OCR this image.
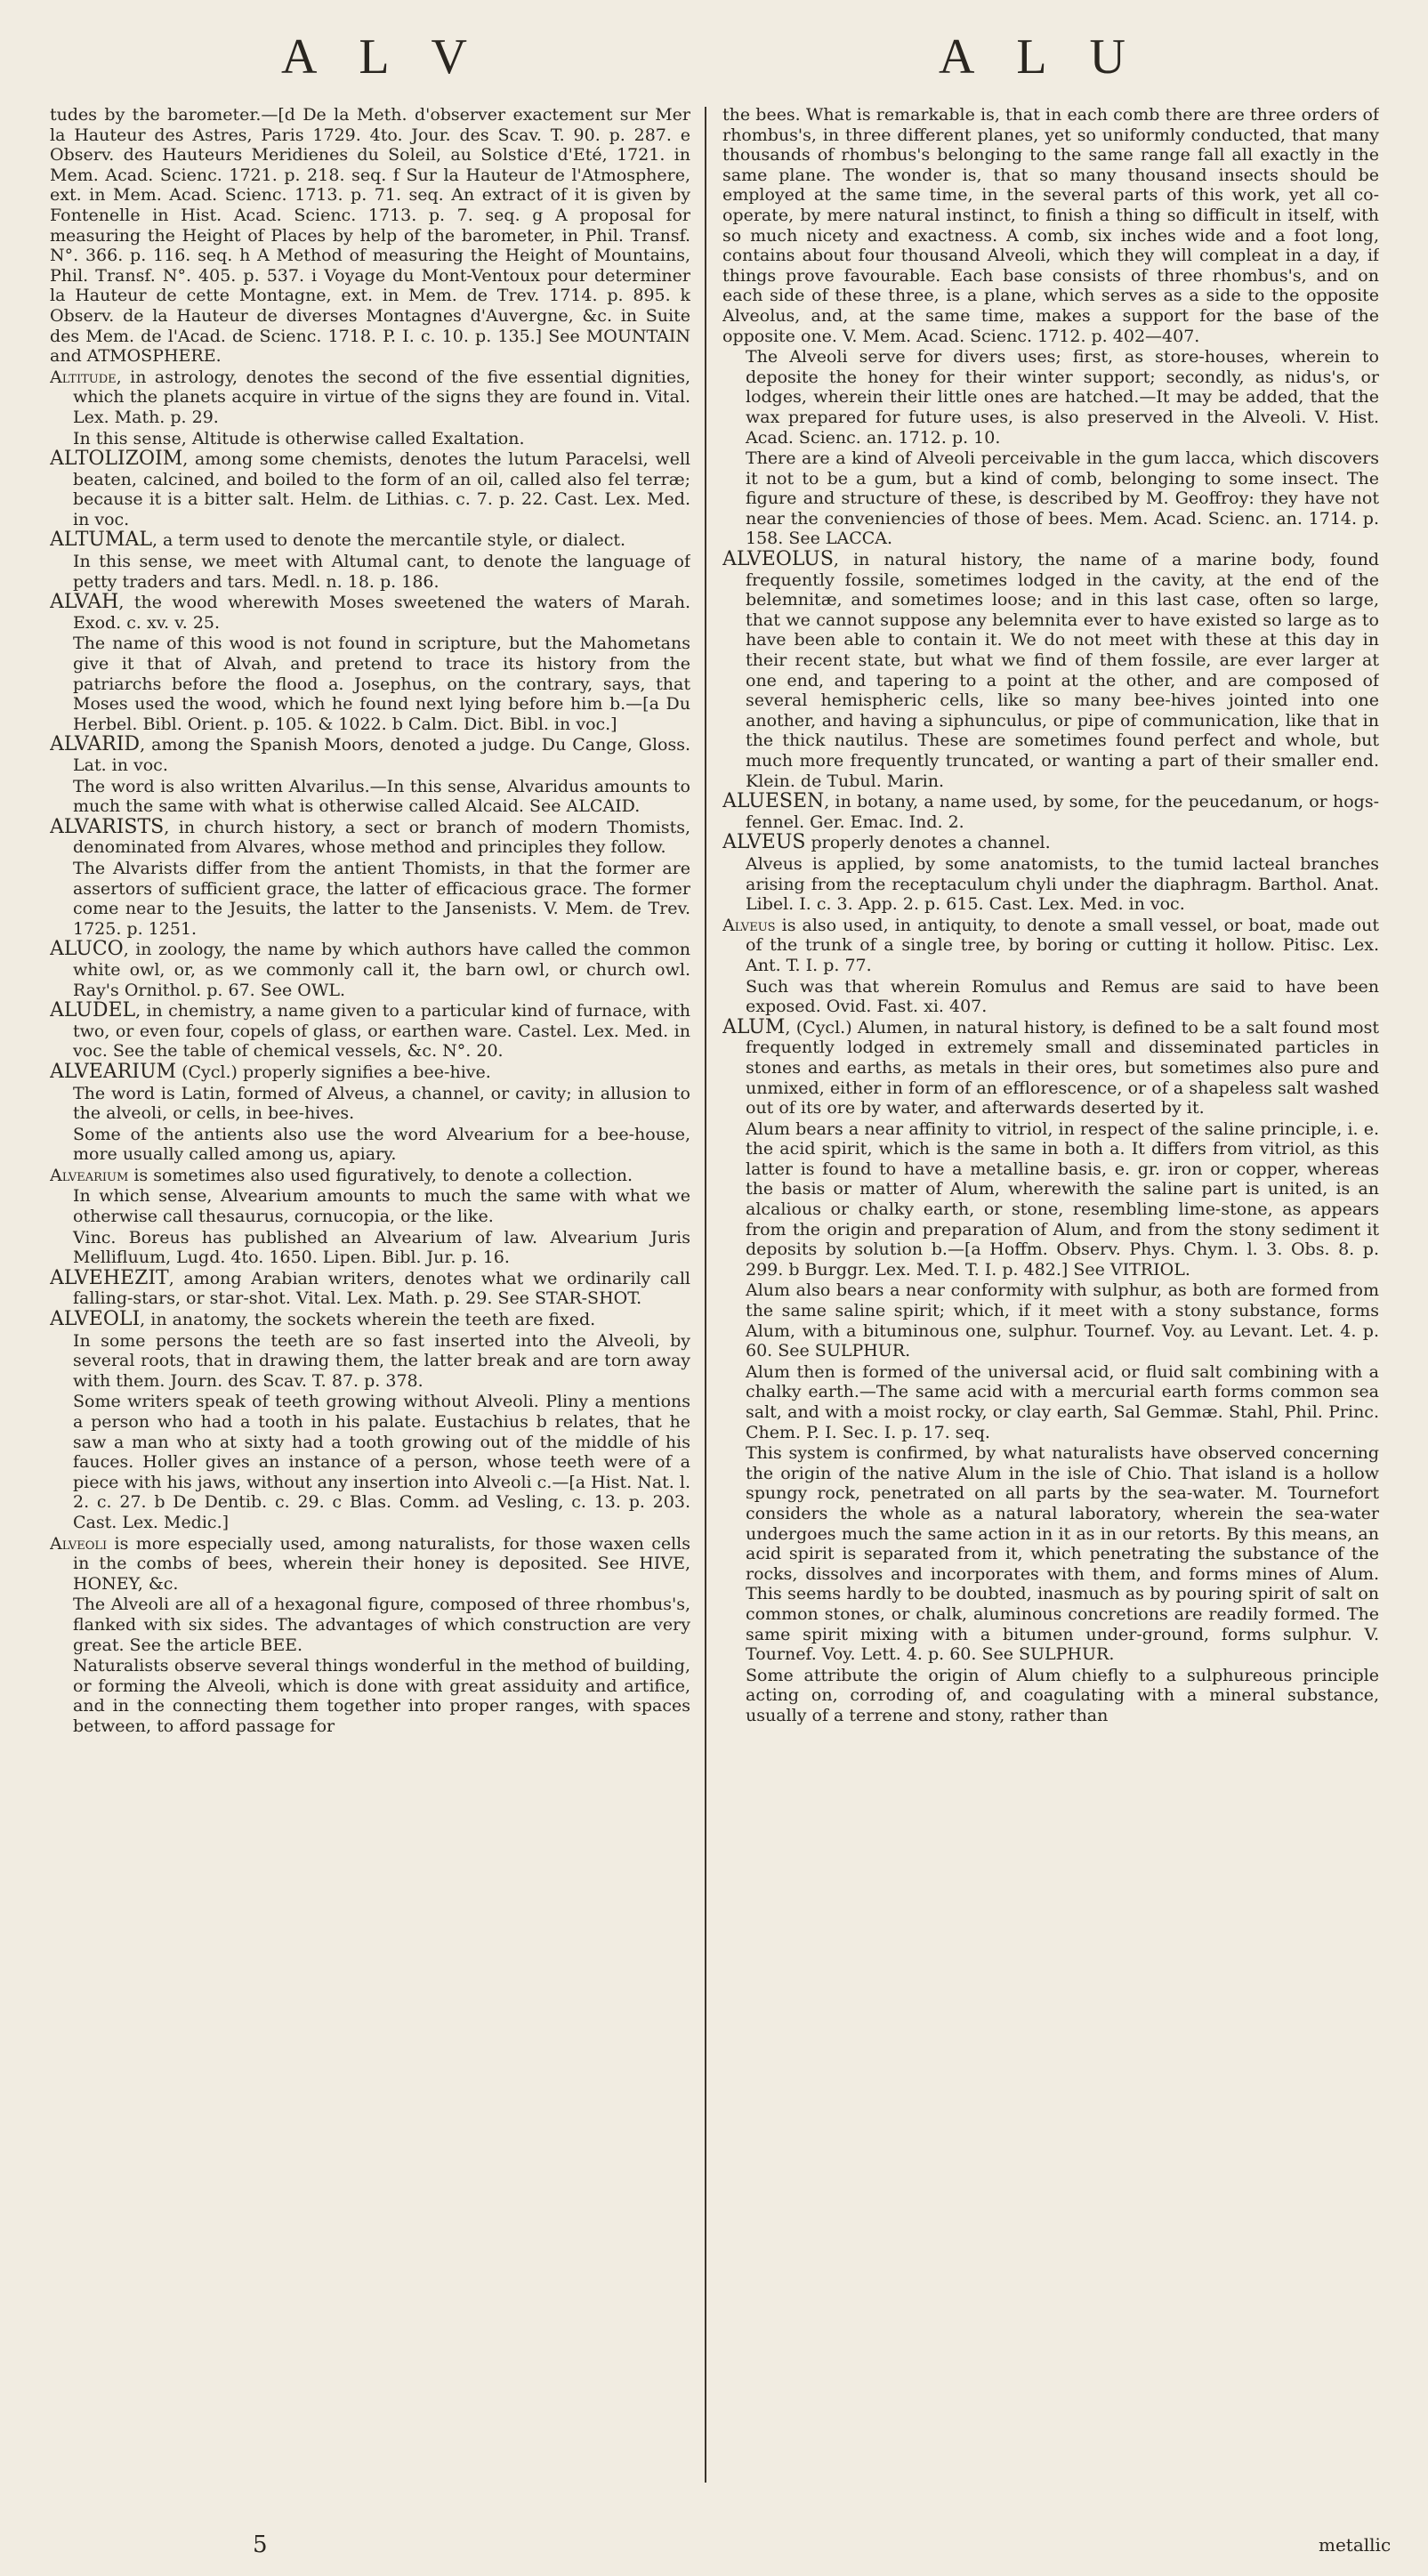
A L V	A L U

tudes by the barometer.—[d De la Meth. d'observer exactement sur Mer la Hauteur des Astres, Paris 1729. 4to. Jour. des Scav. T. 90. p. 287. e Observ. des Hauteurs Meridienes du Soleil, au Solstice d'Eté, 1721. in Mem. Acad. Scienc. 1721. p. 218. seq. f Sur la Hauteur de l'Atmosphere, ext. in Mem. Acad. Scienc. 1713. p. 71. seq. An extract of it is given by Fontenelle in Hist. Acad. Scienc. 1713. p. 7. seq. g A proposal for measuring the Height of Places by help of the barometer, in Phil. Transf. N°. 366. p. 116. seq. h A Method of measuring the Height of Mountains, Phil. Transf. N°. 405. p. 537. i Voyage du Mont-Ventoux pour determiner la Hauteur de cette Montagne, ext. in Mem. de Trev. 1714. p. 895. k Observ. de la Hauteur de diverses Montagnes d'Auvergne, &c. in Suite des Mem. de l'Acad. de Scienc. 1718. P. I. c. 10. p. 135.] See MOUNTAIN and ATMOSPHERE.

Altitude, in astrology, denotes the second of the five essential dignities, which the planets acquire in virtue of the signs they are found in. Vital. Lex. Math. p. 29.

In this sense, Altitude is otherwise called Exaltation.

ALTOLIZOIM, among some chemists, denotes the lutum Paracelsi, well beaten, calcined, and boiled to the form of an oil, called also fel terræ; because it is a bitter salt. Helm. de Lithias. c. 7. p. 22. Cast. Lex. Med. in voc.

ALTUMAL, a term used to denote the mercantile style, or dialect.

In this sense, we meet with Altumal cant, to denote the language of petty traders and tars. Medl. n. 18. p. 186.

ALVAH, the wood wherewith Moses sweetened the waters of Marah. Exod. c. xv. v. 25.

The name of this wood is not found in scripture, but the Mahometans give it that of Alvah, and pretend to trace its history from the patriarchs before the flood a. Josephus, on the contrary, says, that Moses used the wood, which he found next lying before him b.—[a Du Herbel. Bibl. Orient. p. 105. & 1022. b Calm. Dict. Bibl. in voc.]

ALVARID, among the Spanish Moors, denoted a judge. Du Cange, Gloss. Lat. in voc.

The word is also written Alvarilus.—In this sense, Alvaridus amounts to much the same with what is otherwise called Alcaid. See ALCAID.

ALVARISTS, in church history, a sect or branch of modern Thomists, denominated from Alvares, whose method and principles they follow.

The Alvarists differ from the antient Thomists, in that the former are assertors of sufficient grace, the latter of efficacious grace. The former come near to the Jesuits, the latter to the Jansenists. V. Mem. de Trev. 1725. p. 1251.

ALUCO, in zoology, the name by which authors have called the common white owl, or, as we commonly call it, the barn owl, or church owl. Ray's Ornithol. p. 67. See OWL.

ALUDEL, in chemistry, a name given to a particular kind of furnace, with two, or even four, copels of glass, or earthen ware. Castel. Lex. Med. in voc. See the table of chemical vessels, &c. N°. 20.

ALVEARIUM (Cycl.) properly signifies a bee-hive.

The word is Latin, formed of Alveus, a channel, or cavity; in allusion to the alveoli, or cells, in bee-hives.

Some of the antients also use the word Alvearium for a bee-house, more usually called among us, apiary.

Alvearium is sometimes also used figuratively, to denote a collection.

In which sense, Alvearium amounts to much the same with what we otherwise call thesaurus, cornucopia, or the like.

Vinc. Boreus has published an Alvearium of law. Alvearium Juris Mellifluum, Lugd. 4to. 1650. Lipen. Bibl. Jur. p. 16.

ALVEHEZIT, among Arabian writers, denotes what we ordinarily call falling-stars, or star-shot. Vital. Lex. Math. p. 29. See STAR-SHOT.

ALVEOLI, in anatomy, the sockets wherein the teeth are fixed.

In some persons the teeth are so fast inserted into the Alveoli, by several roots, that in drawing them, the latter break and are torn away with them. Journ. des Scav. T. 87. p. 378.

Some writers speak of teeth growing without Alveoli. Pliny a mentions a person who had a tooth in his palate. Eustachius b relates, that he saw a man who at sixty had a tooth growing out of the middle of his fauces. Holler gives an instance of a person, whose teeth were of a piece with his jaws, without any insertion into Alveoli c.—[a Hist. Nat. l. 2. c. 27. b De Dentib. c. 29. c Blas. Comm. ad Vesling, c. 13. p. 203. Cast. Lex. Medic.]

Alveoli is more especially used, among naturalists, for those waxen cells in the combs of bees, wherein their honey is deposited. See HIVE, HONEY, &c.

The Alveoli are all of a hexagonal figure, composed of three rhombus's, flanked with six sides. The advantages of which construction are very great. See the article BEE.

Naturalists observe several things wonderful in the method of building, or forming the Alveoli, which is done with great assiduity and artifice, and in the connecting them together into proper ranges, with spaces between, to afford passage for

the bees. What is remarkable is, that in each comb there are three orders of rhombus's, in three different planes, yet so uniformly conducted, that many thousands of rhombus's belonging to the same range fall all exactly in the same plane. The wonder is, that so many thousand insects should be employed at the same time, in the several parts of this work, yet all co-operate, by mere natural instinct, to finish a thing so difficult in itself, with so much nicety and exactness. A comb, six inches wide and a foot long, contains about four thousand Alveoli, which they will compleat in a day, if things prove favourable. Each base consists of three rhombus's, and on each side of these three, is a plane, which serves as a side to the opposite Alveolus, and, at the same time, makes a support for the base of the opposite one. V. Mem. Acad. Scienc. 1712. p. 402—407.

The Alveoli serve for divers uses; first, as store-houses, wherein to deposite the honey for their winter support; secondly, as nidus's, or lodges, wherein their little ones are hatched.—It may be added, that the wax prepared for future uses, is also preserved in the Alveoli. V. Hist. Acad. Scienc. an. 1712. p. 10.

There are a kind of Alveoli perceivable in the gum lacca, which discovers it not to be a gum, but a kind of comb, belonging to some insect. The figure and structure of these, is described by M. Geoffroy: they have not near the conveniencies of those of bees. Mem. Acad. Scienc. an. 1714. p. 158. See LACCA.

ALVEOLUS, in natural history, the name of a marine body, found frequently fossile, sometimes lodged in the cavity, at the end of the belemnitæ, and sometimes loose; and in this last case, often so large, that we cannot suppose any belemnita ever to have existed so large as to have been able to contain it. We do not meet with these at this day in their recent state, but what we find of them fossile, are ever larger at one end, and tapering to a point at the other, and are composed of several hemispheric cells, like so many bee-hives jointed into one another, and having a siphunculus, or pipe of communication, like that in the thick nautilus. These are sometimes found perfect and whole, but much more frequently truncated, or wanting a part of their smaller end. Klein. de Tubul. Marin.

ALUESEN, in botany, a name used, by some, for the peucedanum, or hogs-fennel. Ger. Emac. Ind. 2.

ALVEUS properly denotes a channel.

Alveus is applied, by some anatomists, to the tumid lacteal branches arising from the receptaculum chyli under the diaphragm. Barthol. Anat. Libel. I. c. 3. App. 2. p. 615. Cast. Lex. Med. in voc.

Alveus is also used, in antiquity, to denote a small vessel, or boat, made out of the trunk of a single tree, by boring or cutting it hollow. Pitisc. Lex. Ant. T. I. p. 77.

Such was that wherein Romulus and Remus are said to have been exposed. Ovid. Fast. xi. 407.

ALUM, (Cycl.) Alumen, in natural history, is defined to be a salt found most frequently lodged in extremely small and disseminated particles in stones and earths, as metals in their ores, but sometimes also pure and unmixed, either in form of an efflorescence, or of a shapeless salt washed out of its ore by water, and afterwards deserted by it.

Alum bears a near affinity to vitriol, in respect of the saline principle, i. e. the acid spirit, which is the same in both a. It differs from vitriol, as this latter is found to have a metalline basis, e. gr. iron or copper, whereas the basis or matter of Alum, wherewith the saline part is united, is an alcalious or chalky earth, or stone, resembling lime-stone, as appears from the origin and preparation of Alum, and from the stony sediment it deposits by solution b.—[a Hoffm. Observ. Phys. Chym. l. 3. Obs. 8. p. 299. b Burggr. Lex. Med. T. I. p. 482.] See VITRIOL.

Alum also bears a near conformity with sulphur, as both are formed from the same saline spirit; which, if it meet with a stony substance, forms Alum, with a bituminous one, sulphur. Tournef. Voy. au Levant. Let. 4. p. 60. See SULPHUR.

Alum then is formed of the universal acid, or fluid salt combining with a chalky earth.—The same acid with a mercurial earth forms common sea salt, and with a moist rocky, or clay earth, Sal Gemmæ. Stahl, Phil. Princ. Chem. P. I. Sec. I. p. 17. seq.

This system is confirmed, by what naturalists have observed concerning the origin of the native Alum in the isle of Chio. That island is a hollow spungy rock, penetrated on all parts by the sea-water. M. Tournefort considers the whole as a natural laboratory, wherein the sea-water undergoes much the same action in it as in our retorts. By this means, an acid spirit is separated from it, which penetrating the substance of the rocks, dissolves and incorporates with them, and forms mines of Alum. This seems hardly to be doubted, inasmuch as by pouring spirit of salt on common stones, or chalk, aluminous concretions are readily formed. The same spirit mixing with a bitumen under-ground, forms sulphur. V. Tournef. Voy. Lett. 4. p. 60. See SULPHUR.

Some attribute the origin of Alum chiefly to a sulphureous principle acting on, corroding of, and coagulating with a mineral substance, usually of a terrene and stony, rather than

5	metallic
